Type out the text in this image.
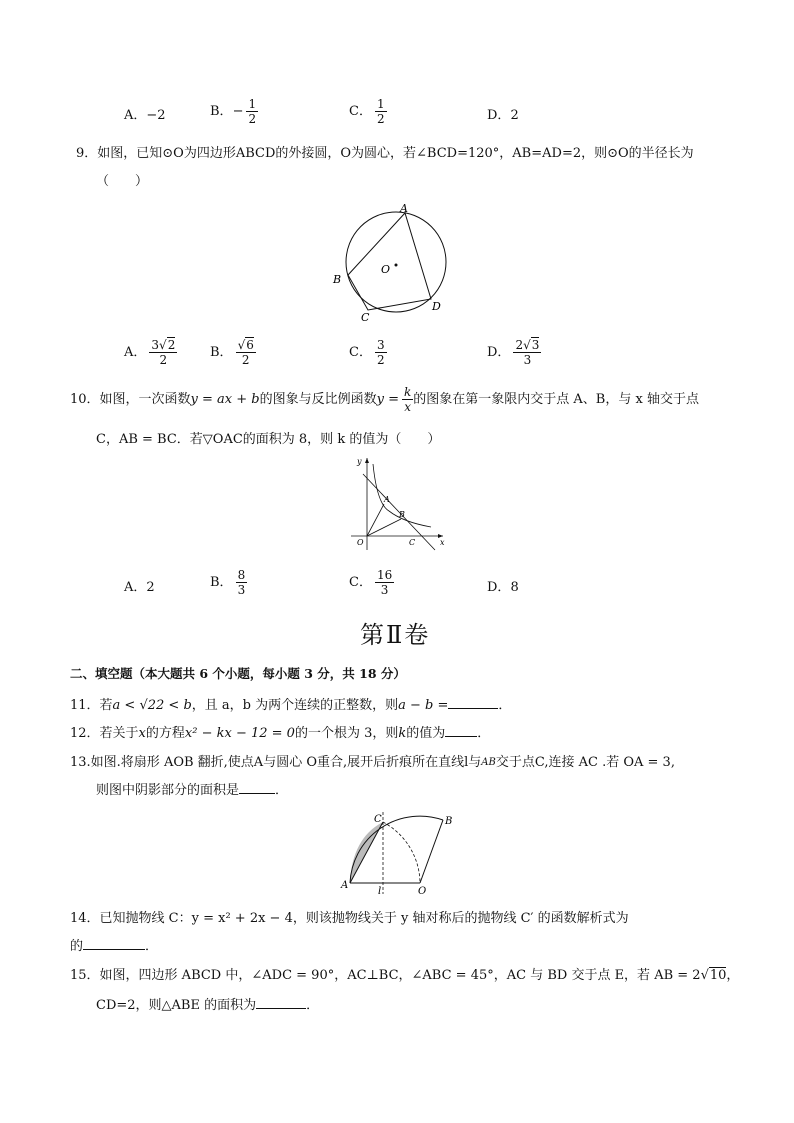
A．−2	B．− $\frac{1}{2}$	C． $\frac{1}{2}$	D．2
9．如图，已知⊙O为四边形ABCD的外接圆，O为圆心，若∠BCD=120°，AB=AD=2，则⊙O的半径长为
（　　）
A
B
C
D
O
A． $\frac{3√2}{2}$	B． $\frac{√6}{2}$	C． $\frac{3}{2}$	D． $\frac{2√3}{3}$
10．如图，一次函数y = ax + b的图象与反比例函数$y = \frac{k}{x}$ 的图象在第一象限内交于点 A、B，与 x 轴交于点
C，AB = BC．若▽OAC的面积为 8，则 k 的值为（　　）
y
x
O
A
B
C
A．2	B． $\frac{8}{3}$	C． $\frac{16}{3}$	D．8
第Ⅱ卷
二、填空题（本大题共 6 个小题，每小题 3 分，共 18 分）
11．若a < √22 < b，且 a，b 为两个连续的正整数，则a − b =	．
12．若关于x的方程x² − kx − 12 = 0的一个根为 3，则k的值为 ．
13.如图.将扇形 AOB 翻折,使点A与圆心 O重合,展开后折痕所在直线l与AB交于点C,连接 AC .若 OA = 3,
则图中阴影部分的面积是	．
A
B
C
O
l
14．已知抛物线 C：y = x² + 2x − 4，则该抛物线关于 y 轴对称后的抛物线 C′ 的函数解析式为
的	．
15．如图，四边形 ABCD 中，∠ADC = 90°，AC⊥BC，∠ABC = 45°，AC 与 BD 交于点 E，若 AB = 2√10，
CD=2，则△ABE 的面积为	．
